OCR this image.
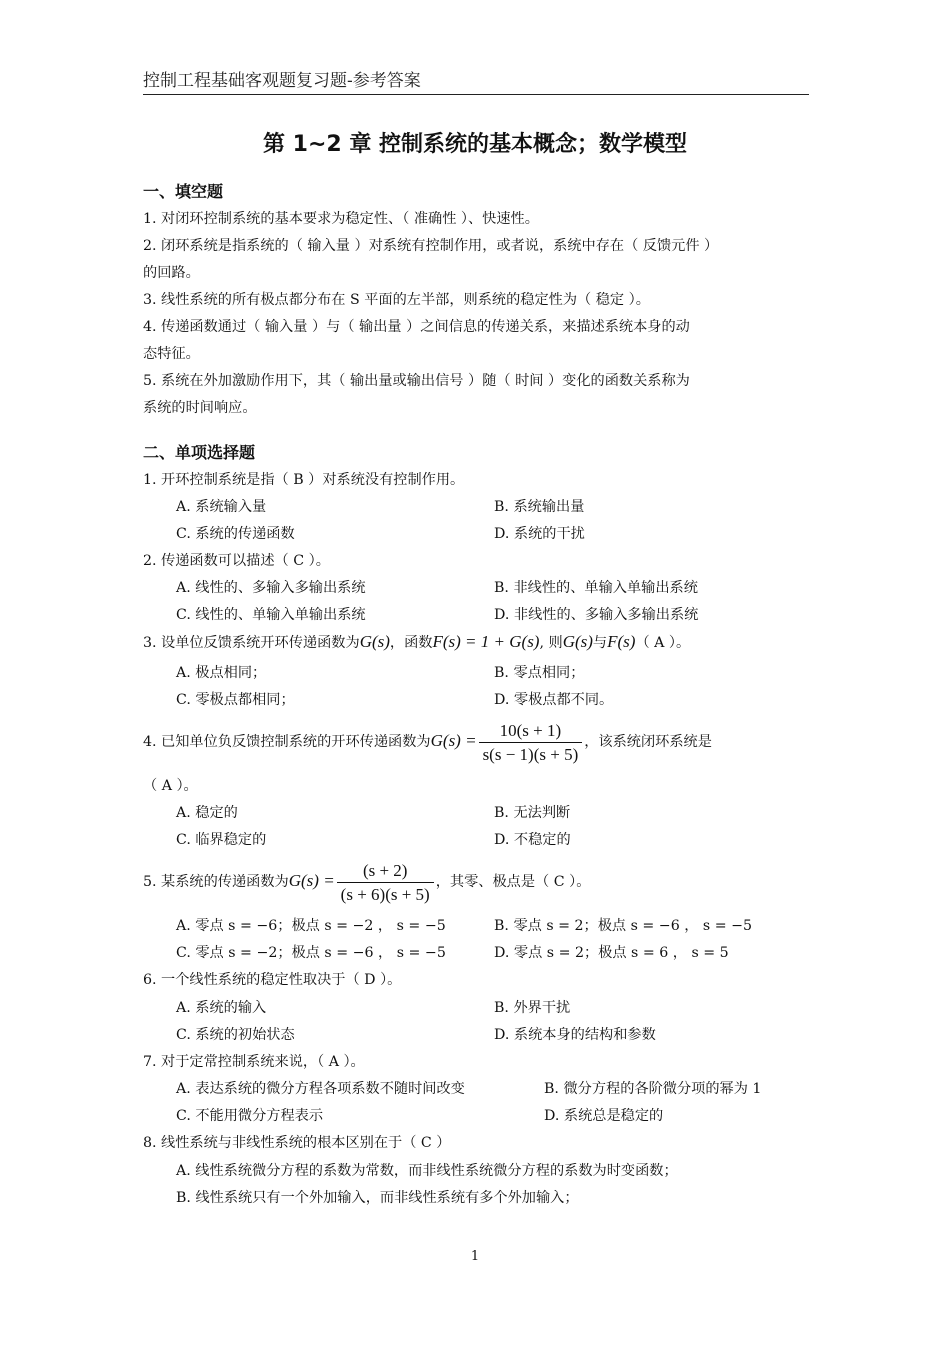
控制工程基础客观题复习题-参考答案
第 1~2 章 控制系统的基本概念；数学模型
一、填空题
1. 对闭环控制系统的基本要求为稳定性、（ 准确性 ）、快速性。
2. 闭环系统是指系统的（ 输入量 ）对系统有控制作用，或者说，系统中存在（ 反馈元件 ）
的回路。
3. 线性系统的所有极点都分布在 S 平面的左半部，则系统的稳定性为（ 稳定 ）。
4. 传递函数通过（ 输入量 ）与（ 输出量 ）之间信息的传递关系，来描述系统本身的动
态特征。
5. 系统在外加激励作用下，其（ 输出量或输出信号 ）随（ 时间 ）变化的函数关系称为
系统的时间响应。
二、单项选择题
1. 开环控制系统是指（ B ）对系统没有控制作用。
A. 系统输入量	B. 系统输出量
C. 系统的传递函数	D. 系统的干扰
2. 传递函数可以描述（ C ）。
A. 线性的、多输入多输出系统	B. 非线性的、单输入单输出系统
C. 线性的、单输入单输出系统	D. 非线性的、多输入多输出系统
3. 设单位反馈系统开环传递函数为G(s)，函数F(s) = 1 + G(s), 则G(s)与F(s)（ A ）。
A. 极点相同；	B. 零点相同；
C. 零极点都相同；	D. 零极点都不同。
4. 已知单位负反馈控制系统的开环传递函数为$G(s) = \frac{10(s + 1)}{s(s - 1)(s + 5)}$ ，该系统闭环系统是
（ A ）。
A. 稳定的	B. 无法判断
C. 临界稳定的	D. 不稳定的
5. 某系统的传递函数为$G(s) = \frac{(s + 2)}{(s + 6)(s + 5)}$ ，其零、极点是（ C ）。
A. 零点 s = −6；极点 s = −2 ， s = −5	B. 零点 s = 2；极点 s = −6 ， s = −5
C. 零点 s = −2；极点 s = −6 ， s = −5	D. 零点 s = 2；极点 s = 6 ， s = 5
6. 一个线性系统的稳定性取决于（ D ）。
A. 系统的输入	B. 外界干扰
C. 系统的初始状态	D. 系统本身的结构和参数
7. 对于定常控制系统来说，（ A ）。
A. 表达系统的微分方程各项系数不随时间改变	B. 微分方程的各阶微分项的幂为 1
C. 不能用微分方程表示	D. 系统总是稳定的
8. 线性系统与非线性系统的根本区别在于（ C ）
A. 线性系统微分方程的系数为常数，而非线性系统微分方程的系数为时变函数；
B. 线性系统只有一个外加输入，而非线性系统有多个外加输入；
1
